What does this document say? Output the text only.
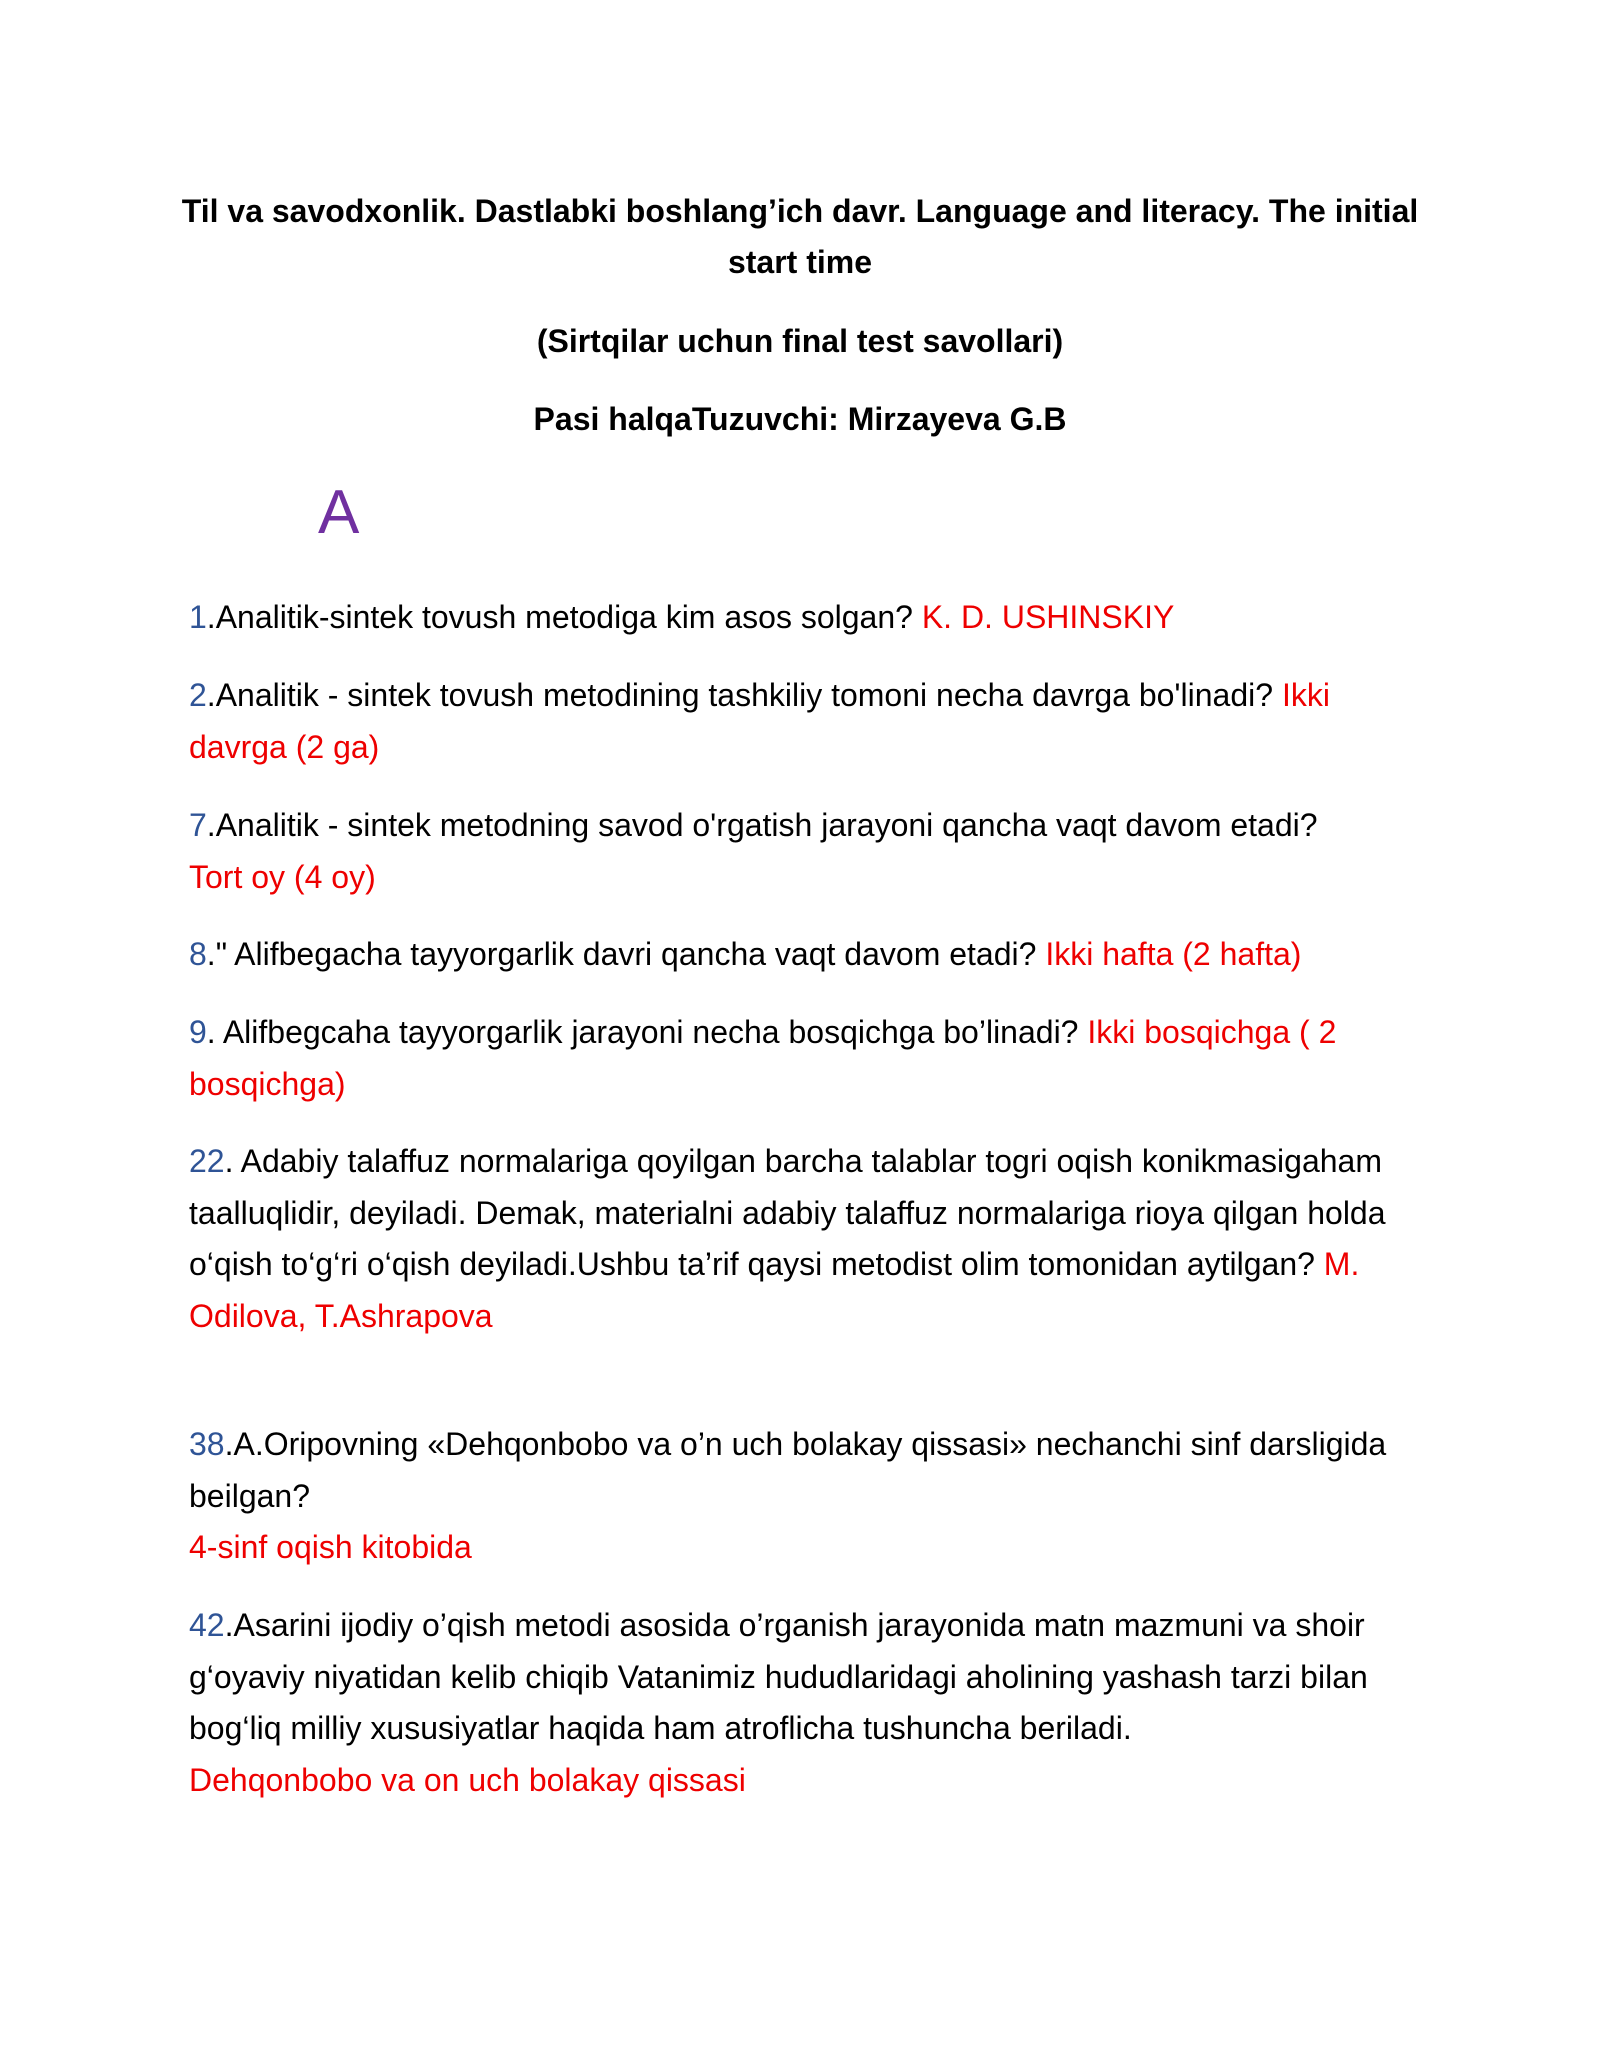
Til va savodxonlik. Dastlabki boshlang’ich davr. Language and literacy. The initial start time
(Sirtqilar uchun final test savollari)
Pasi halqaTuzuvchi: Mirzayeva G.B
A
1.Analitik-sintek tovush metodiga kim asos solgan? K. D. USHINSKIY
2.Analitik - sintek tovush metodining tashkiliy tomoni necha davrga bo'linadi? Ikki davrga (2 ga)
7.Analitik - sintek metodning savod o'rgatish jarayoni qancha vaqt davom etadi?
Tort oy (4 oy)
8." Alifbegacha tayyorgarlik davri qancha vaqt davom etadi? Ikki hafta (2 hafta)
9. Alifbegcaha tayyorgarlik jarayoni necha bosqichga bo’linadi? Ikki bosqichga ( 2 bosqichga)
22. Adabiy talaffuz normalariga qoyilgan barcha talablar togri oqish konikmasigaham taalluqlidir, deyiladi. Demak, materialni adabiy talaffuz normalariga rioya qilgan holda o‘qish to‘g‘ri o‘qish deyiladi.Ushbu ta’rif qaysi metodist olim tomonidan aytilgan? M. Odilova, T.Ashrapova
38.A.Oripovning «Dehqonbobo va o’n uch bolakay qissasi» nechanchi sinf darsligida beilgan?
4-sinf oqish kitobida
42.Asarini ijodiy o’qish metodi asosida o’rganish jarayonida matn mazmuni va shoir g‘oyaviy niyatidan kelib chiqib Vatanimiz hududlaridagi aholining yashash tarzi bilan bog‘liq milliy xususiyatlar haqida ham atroflicha tushuncha beriladi.
Dehqonbobo va on uch bolakay qissasi
